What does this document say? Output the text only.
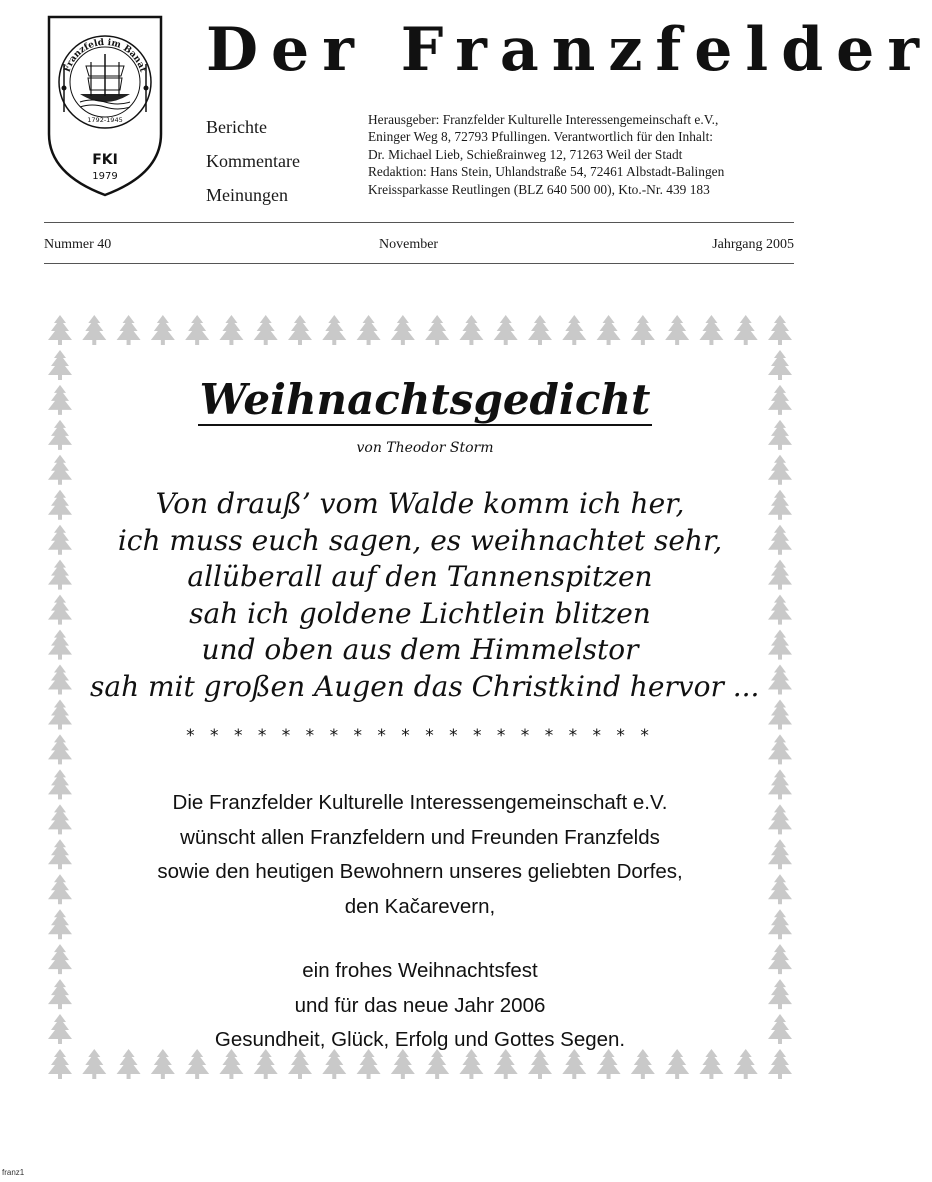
Franzfeld im Banat
1792-1945
FKI
1979
Der Franzfelder
Berichte
Kommentare
Meinungen
Herausgeber: Franzfelder Kulturelle Interessengemeinschaft e.V.,
Eninger Weg 8, 72793 Pfullingen. Verantwortlich für den Inhalt:
Dr. Michael Lieb, Schießrainweg 12, 71263 Weil der Stadt
Redaktion: Hans Stein, Uhlandstraße 54, 72461 Albstadt-Balingen
Kreissparkasse Reutlingen (BLZ 640 500 00), Kto.-Nr. 439 183
Nummer 40	November	Jahrgang 2005
Weihnachtsgedicht
von Theodor Storm
Von drauß’ vom Walde komm ich her,
ich muss euch sagen, es weihnachtet sehr,
allüberall auf den Tannenspitzen
sah ich goldene Lichtlein blitzen
und oben aus dem Himmelstor
sah mit großen Augen das Christkind hervor ...
* * * * * * * * * * * * * * * * * * * *
Die Franzfelder Kulturelle Interessengemeinschaft e.V.
wünscht allen Franzfeldern und Freunden Franzfelds
sowie den heutigen Bewohnern unseres geliebten Dorfes,
den Kačarevern,
ein frohes Weihnachtsfest
und für das neue Jahr 2006
Gesundheit, Glück, Erfolg und Gottes Segen.
franz1
